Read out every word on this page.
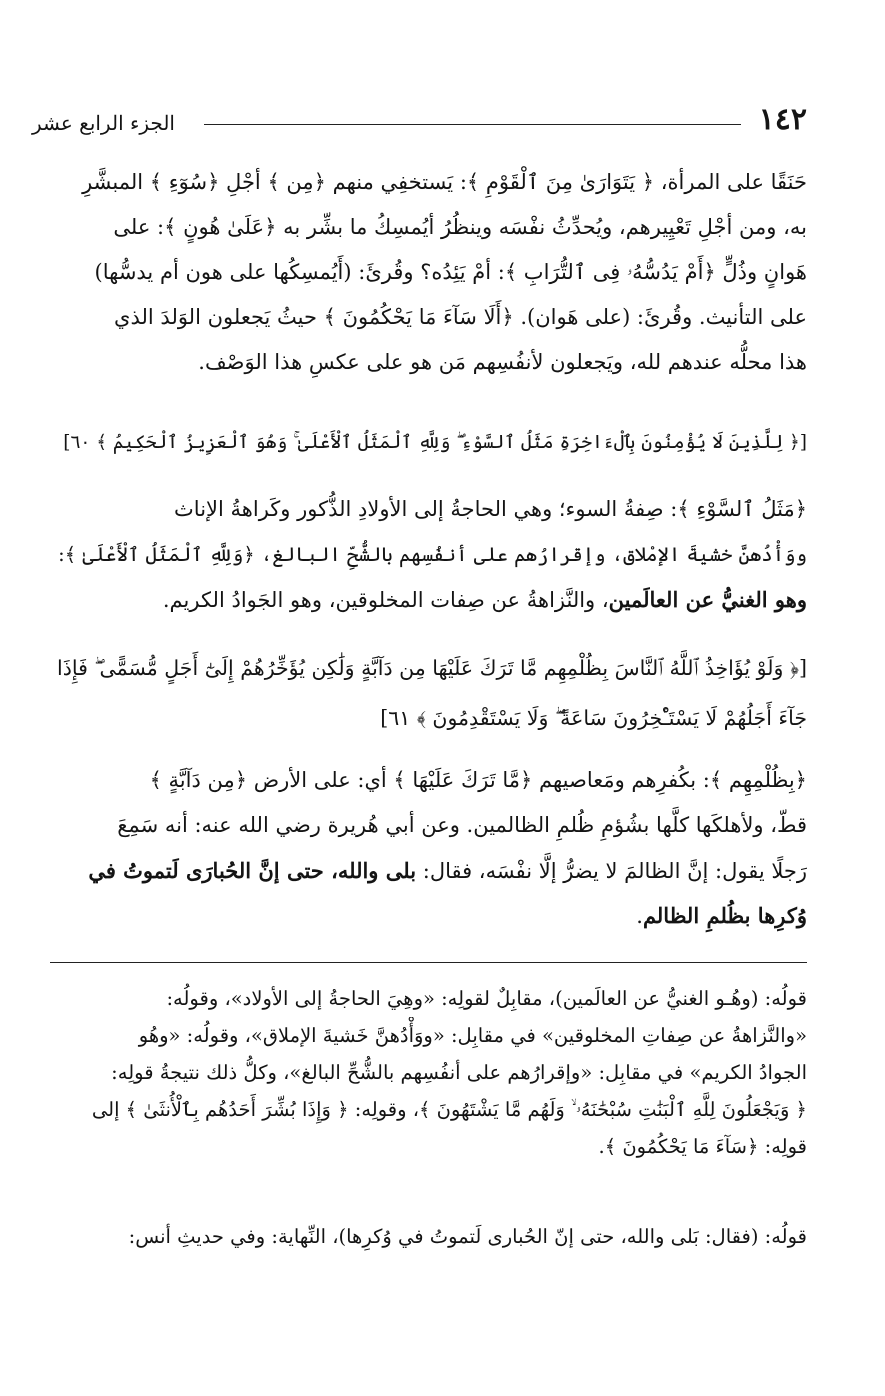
١٤٢
الجزء الرابع عشر
حَنَقًا على المرأة، ﴿ يَتَوَارَىٰ مِنَ ٱلْقَوْمِ ﴾: يَستخفِي منهم ﴿مِن ﴾ أجْلِ ﴿سُوٓءِ ﴾ المبشَّرِ
به، ومن أجْلِ تَعْيِيرهم، ويُحدِّثُ نفْسَه وينظُرُ أيُمسِكُ ما بشِّر به ﴿عَلَىٰ هُونٍ ﴾: على
هَوانٍ وذُلٍّ ﴿أَمْ يَدُسُّهُۥ فِى ٱلتُّرَابِ ﴾: أمْ يَئِدُه؟ وقُرئَ: (أَيُمسِكُها على هون أم يدسُّها)
على التأنيث. وقُرئَ: (على هَوان). ﴿أَلَا سَآءَ مَا يَحْكُمُونَ ﴾ حيثُ يَجعلون الوَلدَ الذي
هذا محلُّه عندهم لله، ويَجعلون لأنفُسِهم مَن هو على عكسِ هذا الوَصْف.
[﴿ لِلَّذِينَ لَا يُؤْمِنُونَ بِٱلْءَاخِرَةِ مَثَلُ ٱلسَّوْءِ ۖ وَلِلَّهِ ٱلْمَثَلُ ٱلْأَعْلَىٰ ۚ وَهُوَ ٱلْعَزِيزُ ٱلْحَكِيمُ ﴾ ٦٠]
﴿مَثَلُ ٱلسَّوْءِ ﴾: صِفةُ السوء؛ وهي الحاجةُ إلى الأولادِ الذُّكور وكَراهةُ الإناث
ووَأْدُهنَّ خشيةَ الإمْلاق، وإقرارُهم على أنفُسِهم بالشُّحِّ البالغ، ﴿وَلِلَّهِ ٱلْمَثَلُ ٱلْأَعْلَىٰ ﴾:
وهو الغنيُّ عن العالَمين، والنَّزاهةُ عن صِفات المخلوقين، وهو الجَوادُ الكريم.
[﴿ وَلَوْ يُؤَاخِذُ ٱللَّهُ ٱلنَّاسَ بِظُلْمِهِم مَّا تَرَكَ عَلَيْهَا مِن دَآبَّةٍ وَلَٰكِن يُؤَخِّرُهُمْ إِلَىٰٓ أَجَلٍ مُّسَمًّى ۖ فَإِذَا
جَآءَ أَجَلُهُمْ لَا يَسْتَـْٔخِرُونَ سَاعَةً ۖ وَلَا يَسْتَقْدِمُونَ ﴾ ٦١]
﴿بِظُلْمِهِم ﴾: بكُفرِهم ومَعاصيهم ﴿مَّا تَرَكَ عَلَيْهَا ﴾ أي: على الأرض ﴿مِن دَآبَّةٍ ﴾
قطّ، ولأهلكَها كلَّها بشُؤمِ ظُلمِ الظالمين. وعن أبي هُريرة رضي الله عنه: أنه سَمِعَ
رَجلًا يقول: إنَّ الظالمَ لا يضرُّ إلَّا نفْسَه، فقال: بلى والله، حتى إنَّ الحُبارَى لَتموتُ في
وُكرِها بظُلمِ الظالم.
قولُه: (وهُـو الغنيُّ عن العالَمين)، مقابِلٌ لقولِه: «وهِيَ الحاجةُ إلى الأولاد»، وقولُه:
«والنَّزاهةُ عن صِفاتِ المخلوقين» في مقابِل: «ووَأْدُهنَّ خَشيةَ الإملاق»، وقولُه: «وهُو
الجوادُ الكريم» في مقابِل: «وإقرارُهم على أنفُسِهم بالشُّحِّ البالغ»، وكلُّ ذلك نتيجةُ قولِه:
﴿ وَيَجْعَلُونَ لِلَّهِ ٱلْبَنَٰتِ سُبْحَٰنَهُۥ ۙ وَلَهُم مَّا يَشْتَهُونَ ﴾، وقولِه: ﴿ وَإِذَا بُشِّرَ أَحَدُهُم بِٱلْأُنثَىٰ ﴾ إلى
قولِه: ﴿سَآءَ مَا يَحْكُمُونَ ﴾.
قولُه: (فقال: بَلى والله، حتى إنّ الحُبارى لَتموتُ في وُكرِها)، النِّهاية: وفي حديثِ أنس:
